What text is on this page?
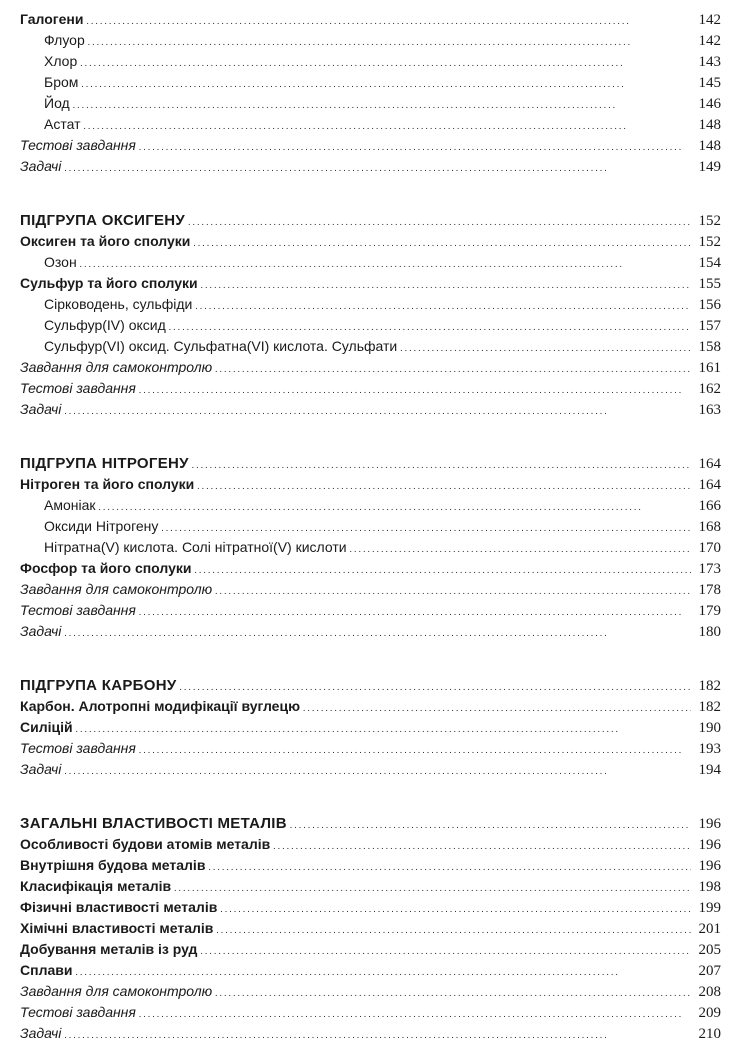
Галогени . . .	142
Флуор . . .	142
Хлор . . .	143
Бром . . .	145
Йод . . .	146
Астат . . .	148
Тестові завдання . . .	148
Задачі . . .	149
ПІДГРУПА ОКСИГЕНУ . . .	152
Оксиген та його сполуки . . .	152
Озон . . .	154
Сульфур та його сполуки . . .	155
Сірководень, сульфіди . . .	156
Сульфур(IV) оксид . . .	157
Сульфур(VI) оксид. Сульфатна(VI) кислота. Сульфати . . .	158
Завдання для самоконтролю . . .	161
Тестові завдання . . .	162
Задачі . . .	163
ПІДГРУПА НІТРОГЕНУ . . .	164
Нітроген та його сполуки . . .	164
Амоніак . . .	166
Оксиди Нітрогену . . .	168
Нітратна(V) кислота. Солі нітратної(V) кислоти . . .	170
Фосфор та його сполуки . . .	173
Завдання для самоконтролю . . .	178
Тестові завдання . . .	179
Задачі . . .	180
ПІДГРУПА КАРБОНУ . . .	182
Карбон. Алотропні модифікації вуглецю . . .	182
Силіцій . . .	190
Тестові завдання . . .	193
Задачі . . .	194
ЗАГАЛЬНІ ВЛАСТИВОСТІ МЕТАЛІВ . . .	196
Особливості будови атомів металів . . .	196
Внутрішня будова металів . . .	196
Класифікація металів . . .	198
Фізичні властивості металів . . .	199
Хімічні властивості металів . . .	201
Добування металів із руд . . .	205
Сплави . . .	207
Завдання для самоконтролю . . .	208
Тестові завдання . . .	209
Задачі . . .	210
